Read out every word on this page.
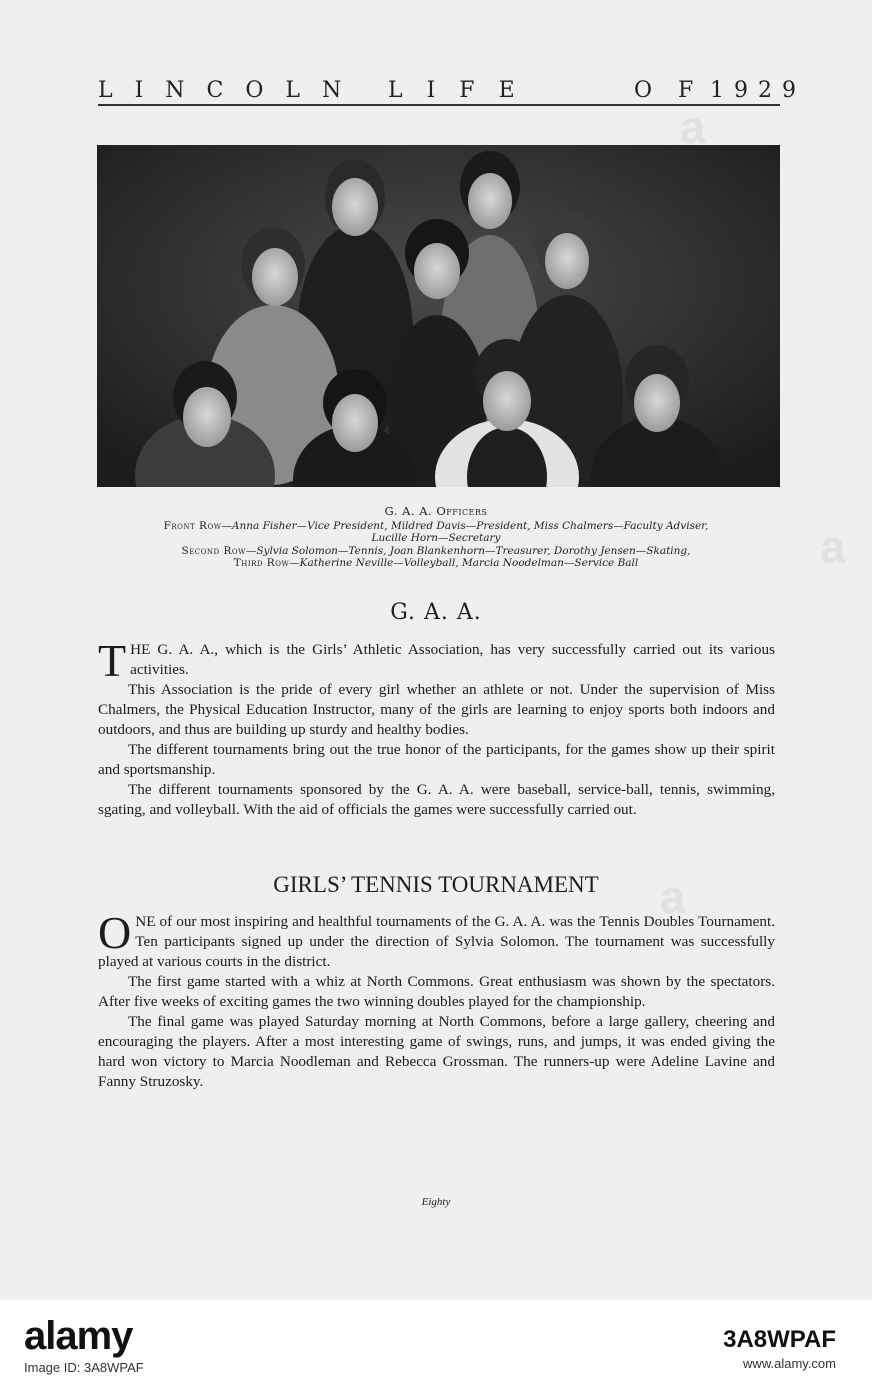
LINCOLN LIFE	OF
1929
G. A. A. Officers
Front Row—Anna Fisher—Vice President, Mildred Davis—President, Miss Chalmers—Faculty Adviser,
Lucille Horn—Secretary
Second Row—Sylvia Solomon—Tennis, Joan Blankenhorn—Treasurer, Dorothy Jensen—Skating,
Third Row—Katherine Neville—Volleyball, Marcia Noodelman—Service Ball
G. A. A.

THE G. A. A., which is the Girls’ Athletic Association, has very successfully carried out its various activities.

This Association is the pride of every girl whether an athlete or not. Under the supervision of Miss Chalmers, the Physical Education Instructor, many of the girls are learning to enjoy sports both indoors and outdoors, and thus are building up sturdy and healthy bodies.

The different tournaments bring out the true honor of the participants, for the games show up their spirit and sportsmanship.

The different tournaments sponsored by the G. A. A. were baseball, service-ball, tennis, swimming, sgating, and volleyball. With the aid of officials the games were successfully carried out.

GIRLS’ TENNIS TOURNAMENT

ONE of our most inspiring and healthful tournaments of the G. A. A. was the Tennis Doubles Tournament. Ten participants signed up under the direction of Sylvia Solomon. The tournament was successfully played at various courts in the district.

The first game started with a whiz at North Commons. Great enthusiasm was shown by the spectators. After five weeks of exciting games the two winning doubles played for the championship.

The final game was played Saturday morning at North Commons, before a large gallery, cheering and encouraging the players. After a most interesting game of swings, runs, and jumps, it was ended giving the hard won victory to Marcia Noodleman and Rebecca Grossman. The runners-up were Adeline Lavine and Fanny Struzosky.

Eighty
a
a
a
alamy
Image ID: 3A8WPAF
3A8WPAF
www.alamy.com
